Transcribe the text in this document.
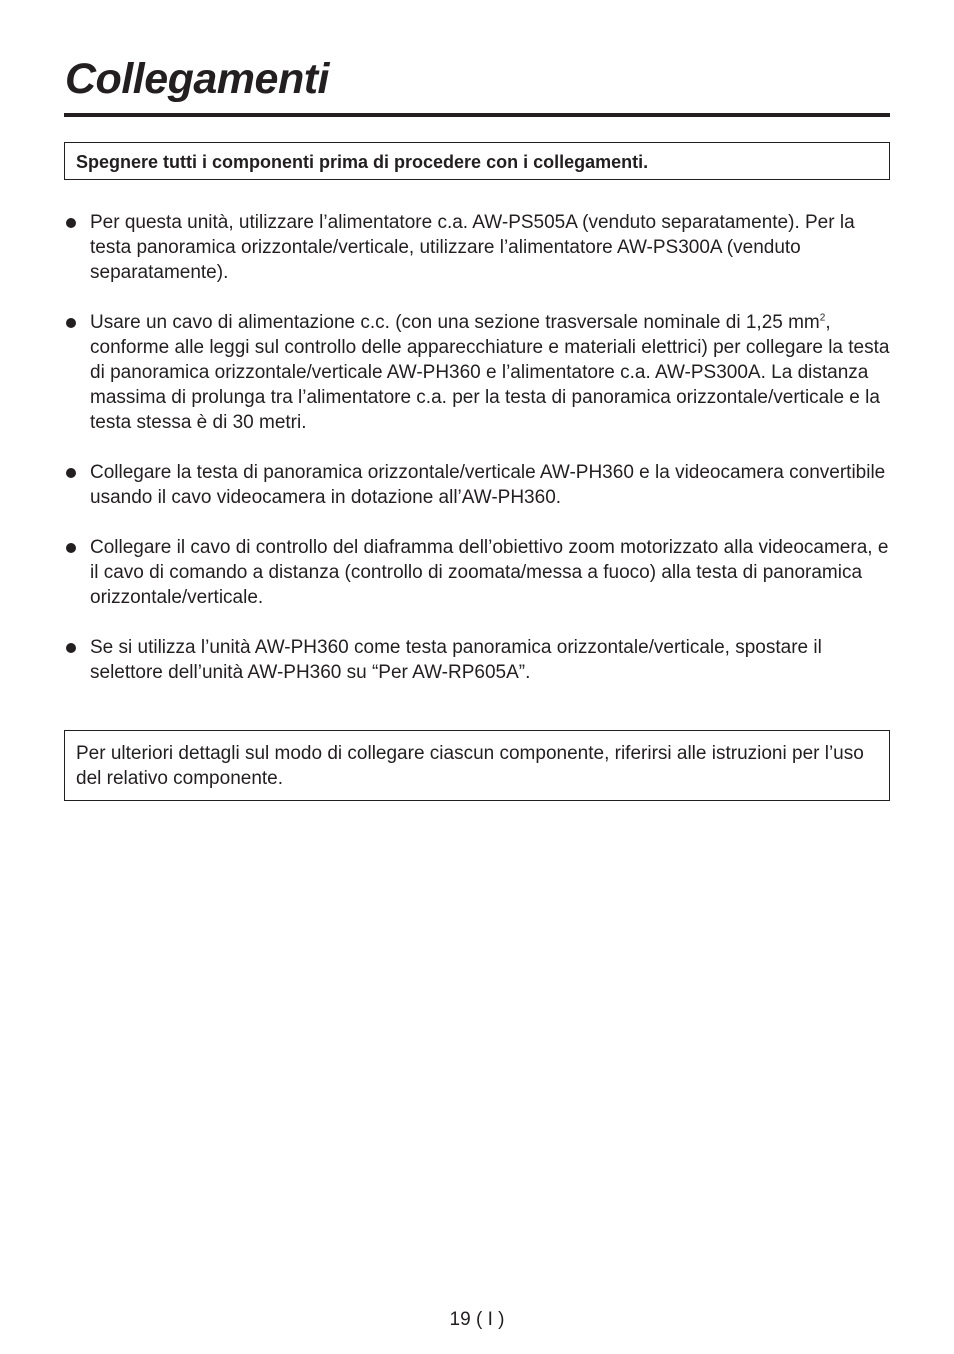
Collegamenti
Spegnere tutti i componenti prima di procedere con i collegamenti.
Per questa unità, utilizzare l’alimentatore c.a. AW-PS505A (venduto separatamente). Per la testa panoramica orizzontale/verticale, utilizzare l’alimentatore AW-PS300A (venduto separatamente).
Usare un cavo di alimentazione c.c. (con una sezione trasversale nominale di 1,25 $mm^2$, conforme alle leggi sul controllo delle apparecchiature e materiali elettrici) per collegare la testa di panoramica orizzontale/verticale AW-PH360 e l’alimentatore c.a. AW-PS300A. La distanza massima di prolunga tra l’alimentatore c.a. per la testa di panoramica orizzontale/verticale e la testa stessa è di 30 metri.
Collegare la testa di panoramica orizzontale/verticale AW-PH360 e la videocamera convertibile usando il cavo videocamera in dotazione all’AW-PH360.
Collegare il cavo di controllo del diaframma dell’obiettivo zoom motorizzato alla videocamera, e il cavo di comando a distanza (controllo di zoomata/messa a fuoco) alla testa di panoramica orizzontale/verticale.
Se si utilizza l’unità AW-PH360 come testa panoramica orizzontale/verticale, spostare il selettore dell’unità AW-PH360 su “Per AW-RP605A”.
Per ulteriori dettagli sul modo di collegare ciascun componente, riferirsi alle istruzioni per l’uso del relativo componente.
19 ( I )
